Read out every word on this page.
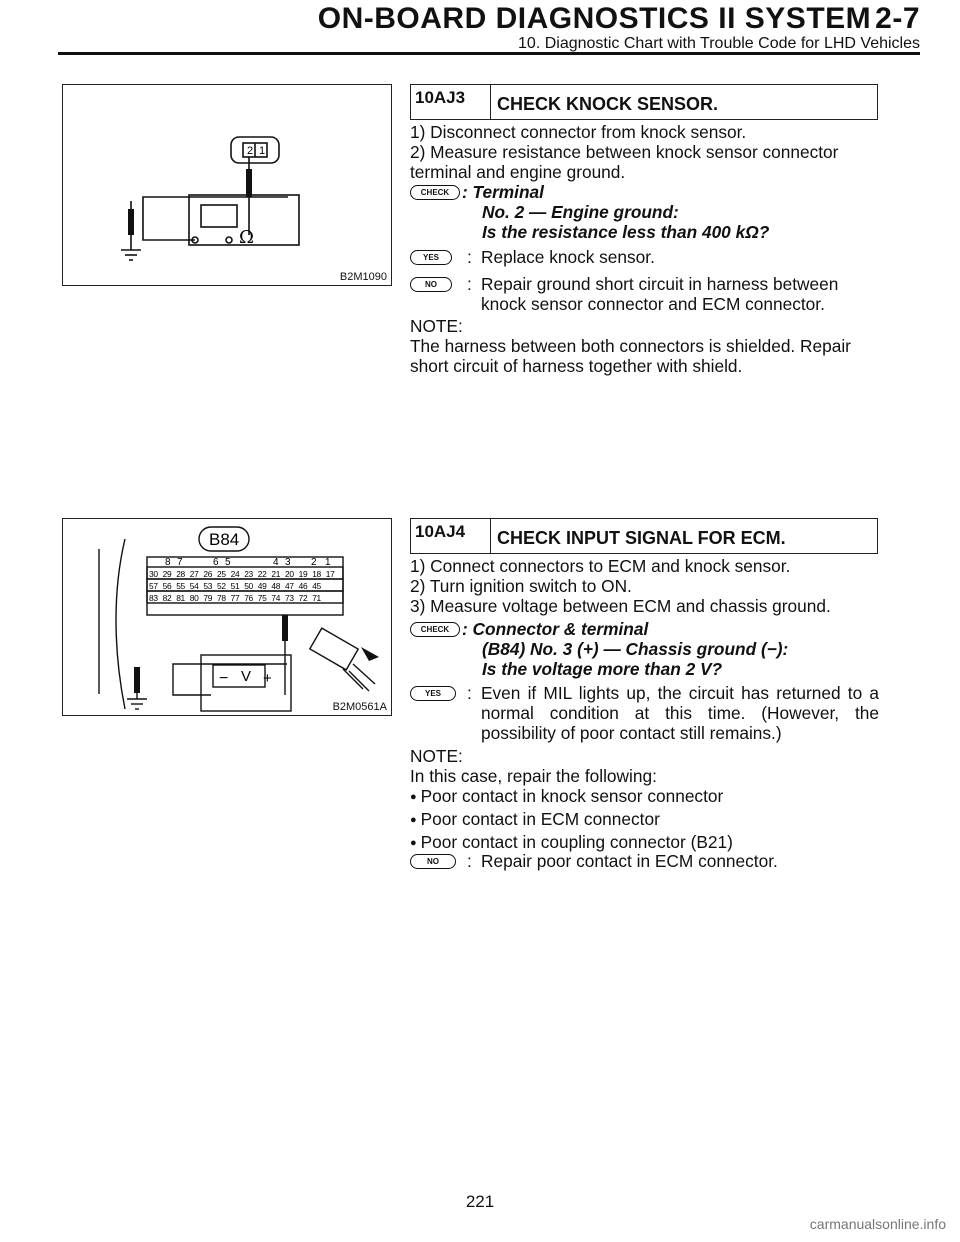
ON-BOARD DIAGNOSTICS II SYSTEM 2-7
10. Diagnostic Chart with Trouble Code for LHD Vehicles
2 1
Ω
B2M1090
10AJ3	CHECK KNOCK SENSOR.

1) Disconnect connector from knock sensor.

2) Measure resistance between knock sensor connector terminal and engine ground.

CHECK : Terminal
No. 2 — Engine ground:
Is the resistance less than 400 kΩ?
YES	: Replace knock sensor.
NO	: Repair ground short circuit in harness between knock sensor connector and ECM connector.

NOTE:

The harness between both connectors is shielded. Repair short circuit of harness together with shield.

B84
8 7	6 5	4 3 2 1
30 29 28 27 26 25 24 23 22 21 20 19 18 17
57 56 55 54 53 52 51 50 49 48 47 46 45
83 82 81 80 79 78 77 76 75 74 73 72 71
− V +
B2M0561A
10AJ4	CHECK INPUT SIGNAL FOR ECM.

1) Connect connectors to ECM and knock sensor.

2) Turn ignition switch to ON.

3) Measure voltage between ECM and chassis ground.

CHECK : Connector & terminal
(B84) No. 3 (+) — Chassis ground (−):
Is the voltage more than 2 V?
YES	: Even if MIL lights up, the circuit has returned to a normal condition at this time. (However, the possibility of poor contact still remains.)

NOTE:

In this case, repair the following:

● Poor contact in knock sensor connector

● Poor contact in ECM connector

● Poor contact in coupling connector (B21)

NO	: Repair poor contact in ECM connector.
221
carmanualsonline.info
